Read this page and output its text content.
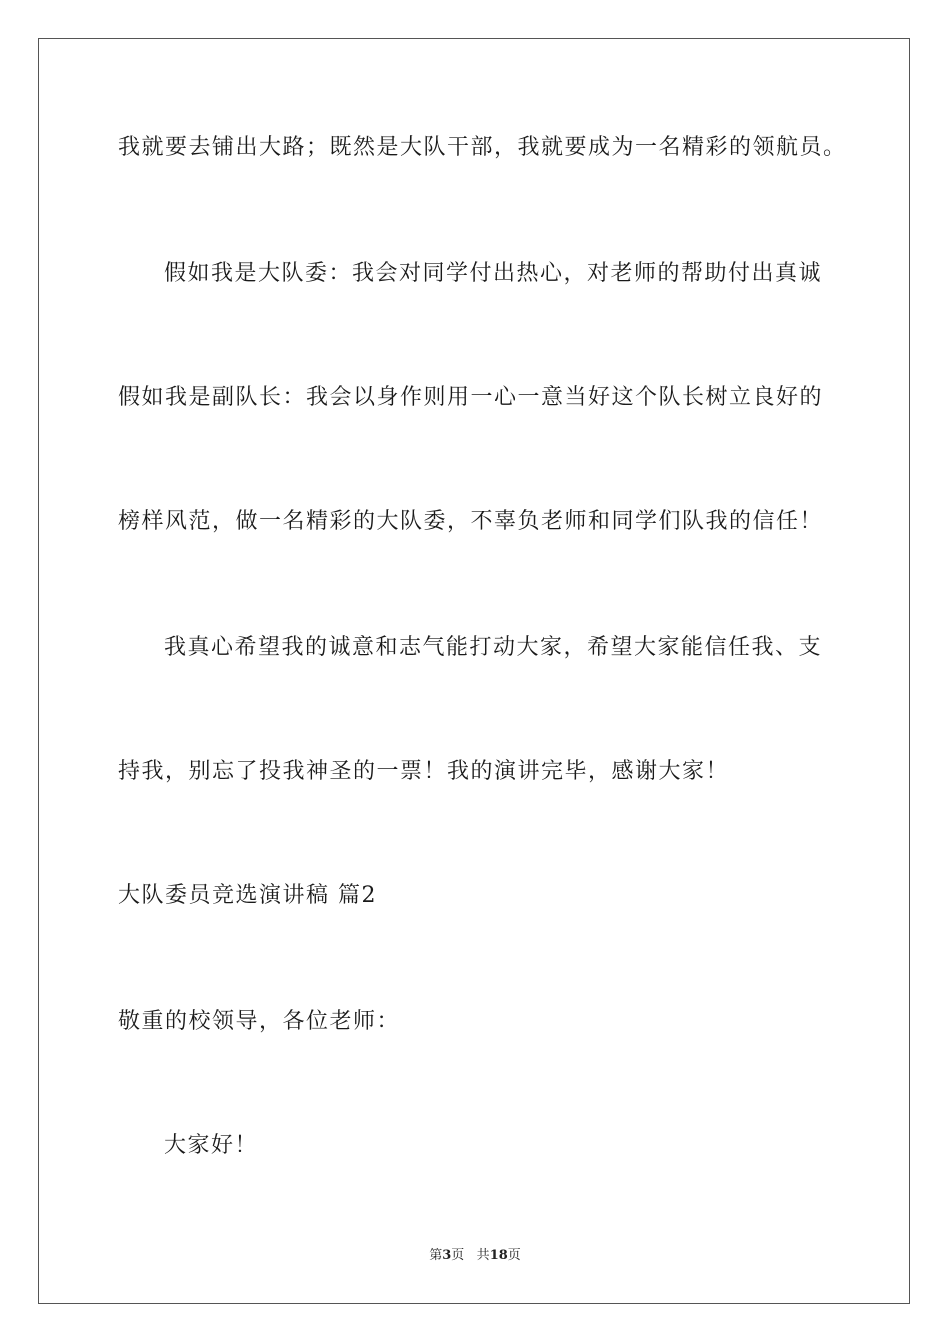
我就要去铺出大路；既然是大队干部，我就要成为一名精彩的领航员。
假如我是大队委：我会对同学付出热心，对老师的帮助付出真诚
假如我是副队长：我会以身作则用一心一意当好这个队长树立良好的
榜样风范，做一名精彩的大队委，不辜负老师和同学们队我的信任！
我真心希望我的诚意和志气能打动大家，希望大家能信任我、支
持我，别忘了投我神圣的一票！我的演讲完毕，感谢大家！
大队委员竞选演讲稿 篇2
敬重的校领导，各位老师：
大家好！
第3页 共18页
